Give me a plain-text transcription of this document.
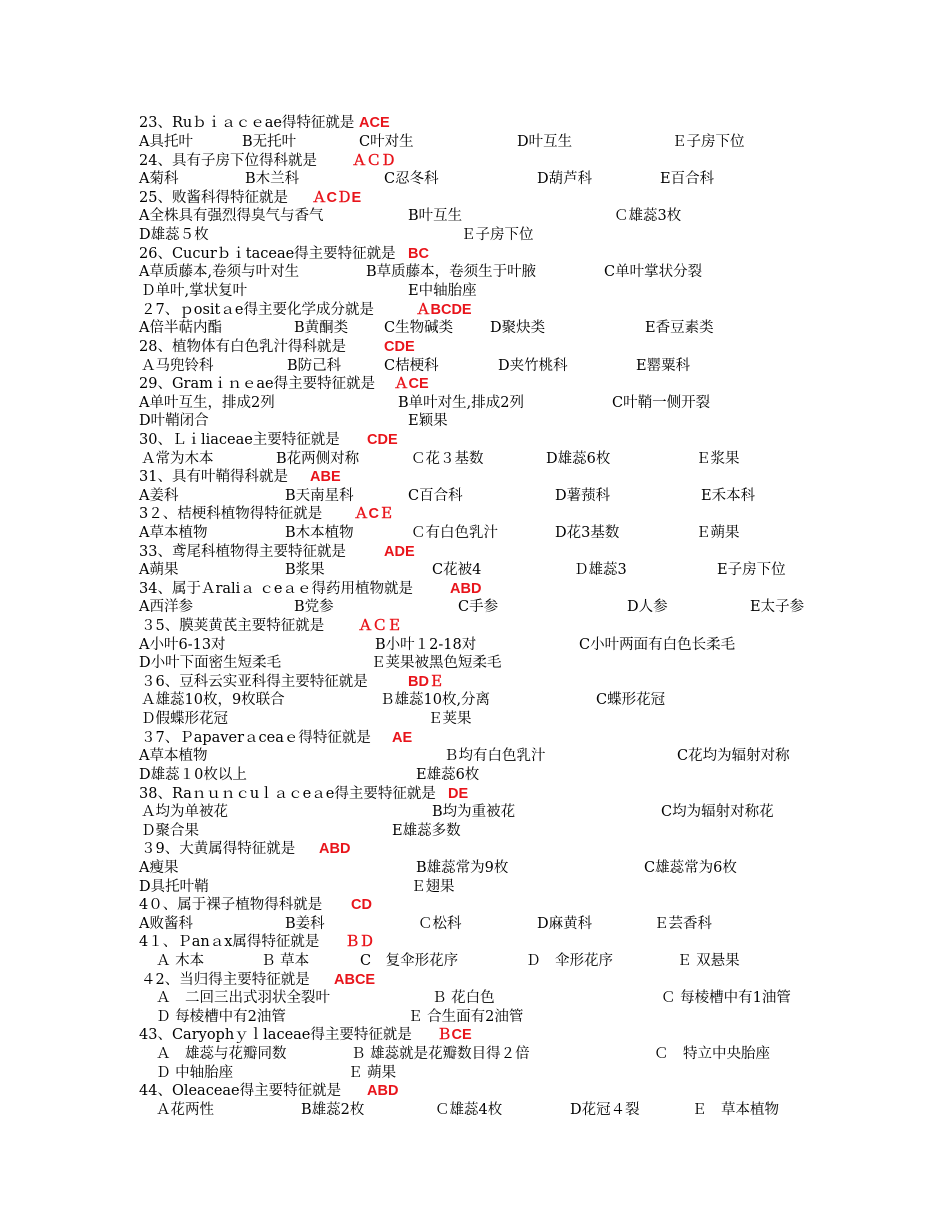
23、Ruｂｉａｃｅae得特征就是 ACE
A具托叶	B无托叶	C叶对生	D叶互生	Ｅ子房下位
24、具有子房下位得科就是 ＡＣＤ
A菊科	B木兰科	C忍冬科	D葫芦科	E百合科
25、败酱科得特征就是 ＡCＤE
A全株具有强烈得臭气与香气	B叶互生	Ｃ雄蕊3枚
D雄蕊５枚	Ｅ子房下位
26、Cucurｂｉtaceae得主要特征就是 BC
A草质藤本,卷须与叶对生	B草质藤本，卷须生于叶腋	C单叶掌状分裂
Ｄ单叶,掌状复叶	E中轴胎座
２7、ｐositａe得主要化学成分就是	ＡBCDE
A倍半萜内酯	B黄酮类 C生物碱类	D聚炔类	E香豆素类
28、植物体有白色乳汁得科就是	CDE
Ａ马兜铃科	B防己科	C桔梗科	D夹竹桃科	E罂粟科
29、Gramｉｎｅae得主要特征就是 ＡCE
A单叶互生，排成2列	B单叶对生,排成2列	C叶鞘一侧开裂
D叶鞘闭合	E颖果
30、Ｌｉliaceae主要特征就是 CDE
Ａ常为木本	B花两侧对称	Ｃ花３基数	D雄蕊6枚	Ｅ浆果
31、具有叶鞘得科就是 ABE
A姜科	B天南星科	C百合科	D薯蓣科	E禾本科
3２、桔梗科植物得特征就是 ＡCＥ
A草本植物	B木本植物	Ｃ有白色乳汁	D花3基数	Ｅ蒴果
33、鸢尾科植物得主要特征就是	ADE
A蒴果	B浆果	C花被4	Ｄ雄蕊3	E子房下位
34、属于Ａraliａ ｃeａｅ得药用植物就是	ABD
A西洋参	B党参	C手参	D人参	E太子参
３5、膜荚黄芪主要特征就是 ＡＣＥ
A小叶6-13对	B小叶１2-18对	C小叶两面有白色长柔毛
D小叶下面密生短柔毛	Ｅ荚果被黑色短柔毛
３6、豆科云实亚科得主要特征就是	BDＥ
Ａ雄蕊10枚，9枚联合	Ｂ雄蕊10枚,分离	C蝶形花冠
Ｄ假蝶形花冠	Ｅ荚果
３7、Ｐapaverａceaｅ得特征就是 AE
A草本植物	Ｂ均有白色乳汁	C花均为辐射对称
D雄蕊１0枚以上	E雄蕊6枚
38、Raｎｕｎｃuｌａｃeａe得主要特征就是 DE
Ａ均为单被花	B均为重被花	C均为辐射对称花
Ｄ聚合果	E雄蕊多数
３9、大黄属得特征就是 ABD
A瘦果	B雄蕊常为9枚	C雄蕊常为6枚
D具托叶鞘	Ｅ翅果
4０、属于裸子植物得科就是 CD
A败酱科	B姜科	Ｃ松科	D麻黄科	Ｅ芸香科
4１、Ｐanａx属得特征就是 ＢＤ
Ａ 木本	Ｂ 草本	C　复伞形花序	Ｄ　伞形花序	Ｅ 双悬果
４2、当归得主要特征就是 ABCE
Ａ　二回三出式羽状全裂叶	Ｂ 花白色	Ｃ 每棱槽中有1油管
Ｄ 每棱槽中有2油管	Ｅ 合生面有2油管
43、Caryophｙｌlaceae得主要特征就是 ＢCE
Ａ　雄蕊与花瓣同数	Ｂ 雄蕊就是花瓣数目得２倍	Ｃ　特立中央胎座
Ｄ 中轴胎座	Ｅ 蒴果
44、Oleaceae得主要特征就是 ABD
Ａ花两性	B雄蕊2枚	Ｃ雄蕊4枚	D花冠４裂	Ｅ　草本植物
